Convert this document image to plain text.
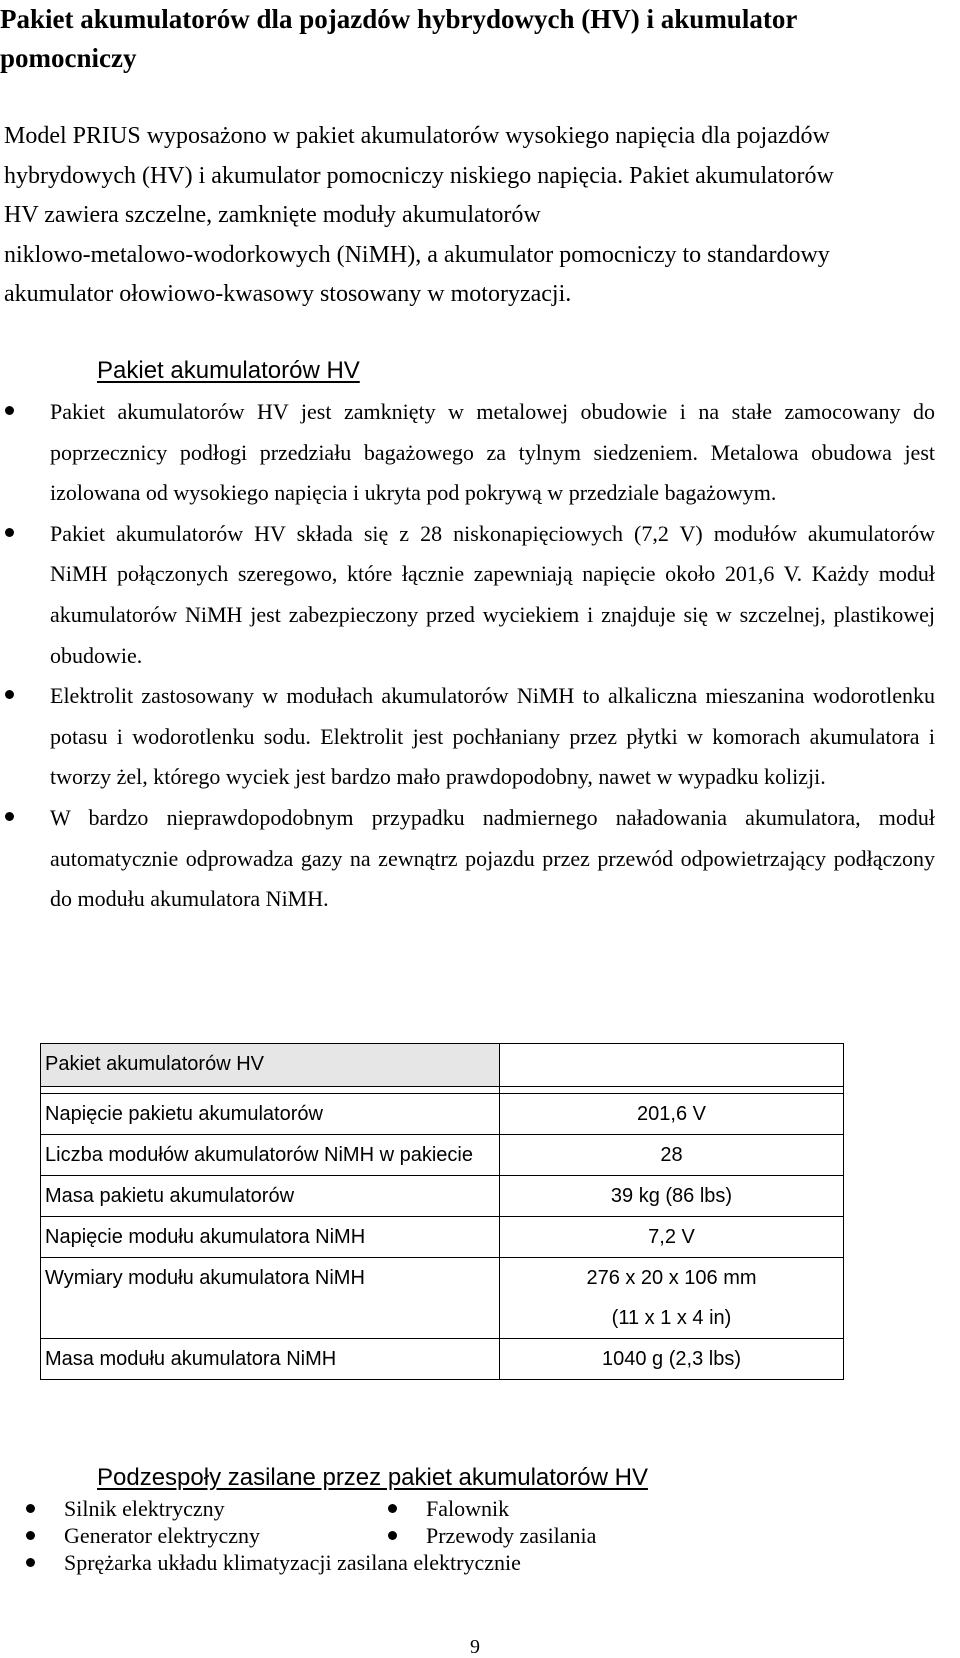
Pakiet akumulatorów dla pojazdów hybrydowych (HV) i akumulator
pomocniczy
Model PRIUS wyposażono w pakiet akumulatorów wysokiego napięcia dla pojazdów
hybrydowych (HV) i akumulator pomocniczy niskiego napięcia. Pakiet akumulatorów
HV zawiera szczelne, zamknięte moduły akumulatorów
niklowo-metalowo-wodorkowych (NiMH), a akumulator pomocniczy to standardowy
akumulator ołowiowo-kwasowy stosowany w motoryzacji.
Pakiet akumulatorów HV
Pakiet akumulatorów HV jest zamknięty w metalowej obudowie i na stałe zamocowany do poprzecznicy podłogi przedziału bagażowego za tylnym siedzeniem. Metalowa obudowa jest izolowana od wysokiego napięcia i ukryta pod pokrywą w przedziale bagażowym.
Pakiet akumulatorów HV składa się z 28 niskonapięciowych (7,2 V) modułów akumulatorów NiMH połączonych szeregowo, które łącznie zapewniają napięcie około 201,6 V. Każdy moduł akumulatorów NiMH jest zabezpieczony przed wyciekiem i znajduje się w szczelnej, plastikowej obudowie.
Elektrolit zastosowany w modułach akumulatorów NiMH to alkaliczna mieszanina wodorotlenku potasu i wodorotlenku sodu. Elektrolit jest pochłaniany przez płytki w komorach akumulatora i tworzy żel, którego wyciek jest bardzo mało prawdopodobny, nawet w wypadku kolizji.
W bardzo nieprawdopodobnym przypadku nadmiernego naładowania akumulatora, moduł automatycznie odprowadza gazy na zewnątrz pojazdu przez przewód odpowietrzający podłączony do modułu akumulatora NiMH.
Pakiet akumulatorów HV	

Napięcie pakietu akumulatorów	201,6 V
Liczba modułów akumulatorów NiMH w pakiecie	28
Masa pakietu akumulatorów	39 kg (86 lbs)
Napięcie modułu akumulatora NiMH	7,2 V
Wymiary modułu akumulatora NiMH	276 x 20 x 106 mm
(11 x 1 x 4 in)
Masa modułu akumulatora NiMH	1040 g (2,3 lbs)
Podzespoły zasilane przez pakiet akumulatorów HV
Silnik elektryczny	Falownik
Generator elektryczny	Przewody zasilania
Sprężarka układu klimatyzacji zasilana elektrycznie
9
